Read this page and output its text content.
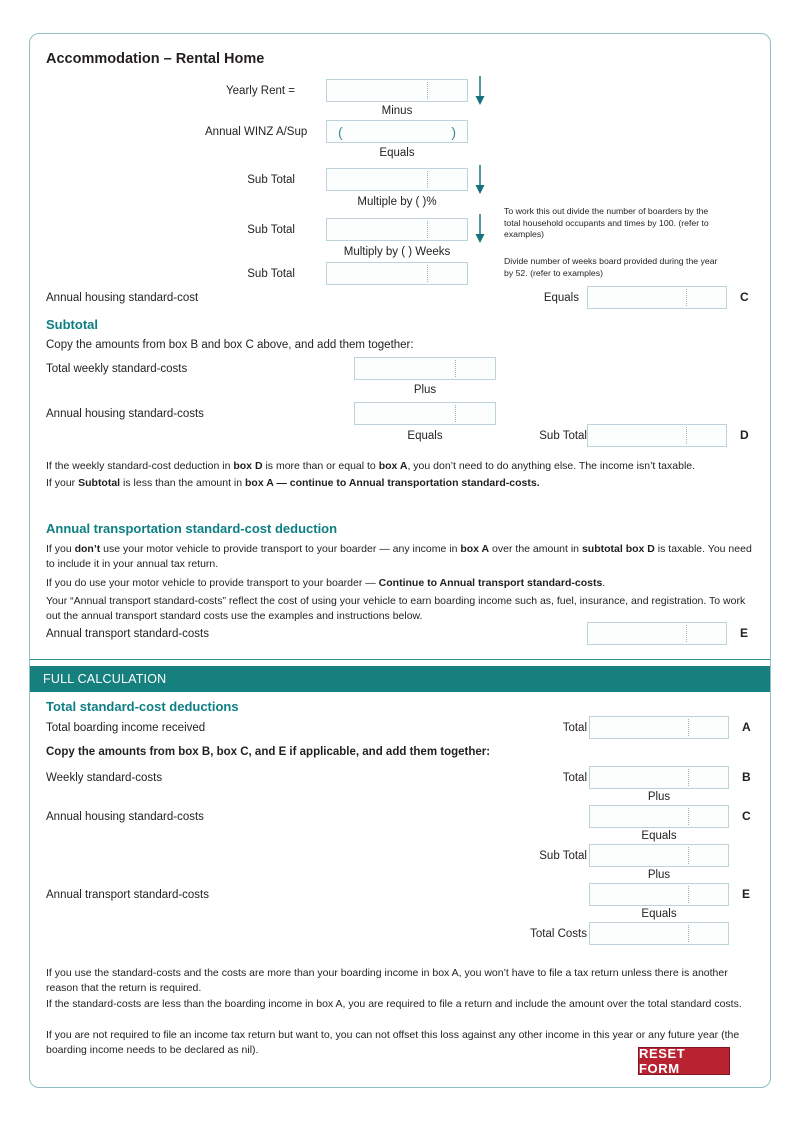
Accommodation – Rental Home
Yearly Rent =
Minus
Annual WINZ A/Sup (	)
Equals
Sub Total
Multiple by ( )%
Sub Total
Multiply by ( ) Weeks
Sub Total
To work this out divide the number of boarders by the total household occupants and times by 100. (refer to examples)
Divide number of weeks board provided during the year by 52. (refer to examples)
Annual housing standard-cost	Equals	C
Subtotal
Copy the amounts from box B and box C above, and add them together:
Total weekly standard-costs
Plus
Annual housing standard-costs
Equals	Sub Total	D
If the weekly standard-cost deduction in box D is more than or equal to box A, you don’t need to do anything else. The income isn’t taxable.
If your Subtotal is less than the amount in box A — continue to Annual transportation standard-costs.
Annual transportation standard-cost deduction
If you don’t use your motor vehicle to provide transport to your boarder — any income in box A over the amount in subtotal box D is taxable. You need to include it in your annual tax return.
If you do use your motor vehicle to provide transport to your boarder — Continue to Annual transport standard-costs.
Your “Annual transport standard-costs” reflect the cost of using your vehicle to earn boarding income such as, fuel, insurance, and registration. To work out the annual transport standard costs use the examples and instructions below.
Annual transport standard-costs	E
FULL CALCULATION
Total standard-cost deductions
Total boarding income received	Total	A
Copy the amounts from box B, box C, and E if applicable, and add them together:
Weekly standard-costs	Total	B
Plus
Annual housing standard-costs	C
Equals
Sub Total
Plus
Annual transport standard-costs	E
Equals
Total Costs
If you use the standard-costs and the costs are more than your boarding income in box A, you won’t have to file a tax return unless there is another reason that the return is required.
If the standard-costs are less than the boarding income in box A, you are required to file a return and include the amount over the total standard costs.
If you are not required to file an income tax return but want to, you can not offset this loss against any other income in this year or any future year (the boarding income needs to be declared as nil).	RESET FORM
